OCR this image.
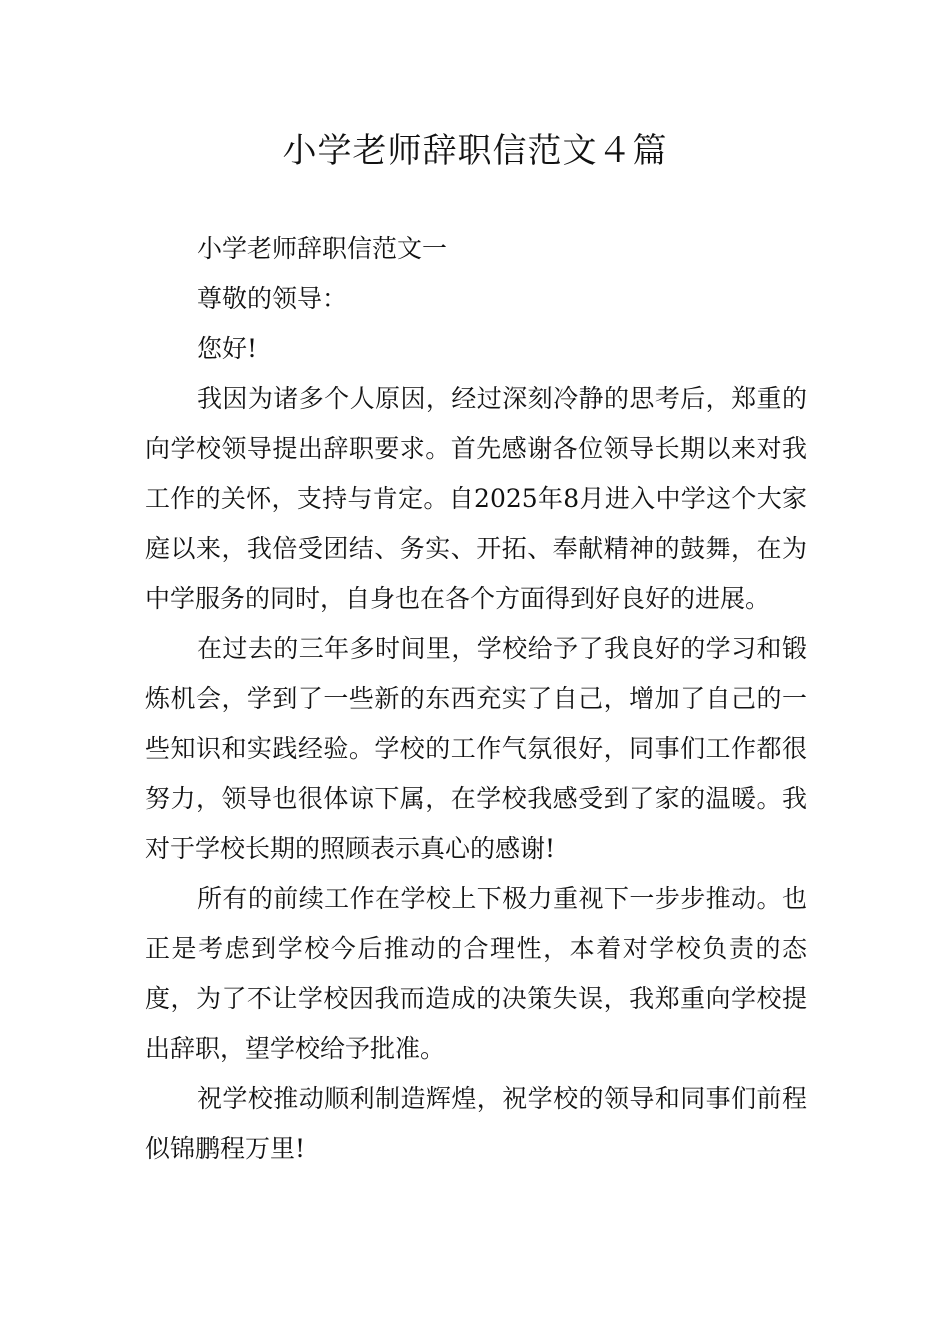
小学老师辞职信范文４篇

小学老师辞职信范文一

尊敬的领导：

您好!

我因为诸多个人原因，经过深刻冷静的思考后，郑重的向学校领导提出辞职要求。首先感谢各位领导长期以来对我工作的关怀，支持与肯定。自2025年8月进入中学这个大家庭以来，我倍受团结、务实、开拓、奉献精神的鼓舞，在为中学服务的同时，自身也在各个方面得到好良好的进展。

在过去的三年多时间里，学校给予了我良好的学习和锻炼机会，学到了一些新的东西充实了自己，增加了自己的一些知识和实践经验。学校的工作气氛很好，同事们工作都很努力，领导也很体谅下属，在学校我感受到了家的温暖。我对于学校长期的照顾表示真心的感谢!

所有的前续工作在学校上下极力重视下一步步推动。也正是考虑到学校今后推动的合理性，本着对学校负责的态度，为了不让学校因我而造成的决策失误，我郑重向学校提出辞职，望学校给予批准。

祝学校推动顺利制造辉煌，祝学校的领导和同事们前程似锦鹏程万里!
